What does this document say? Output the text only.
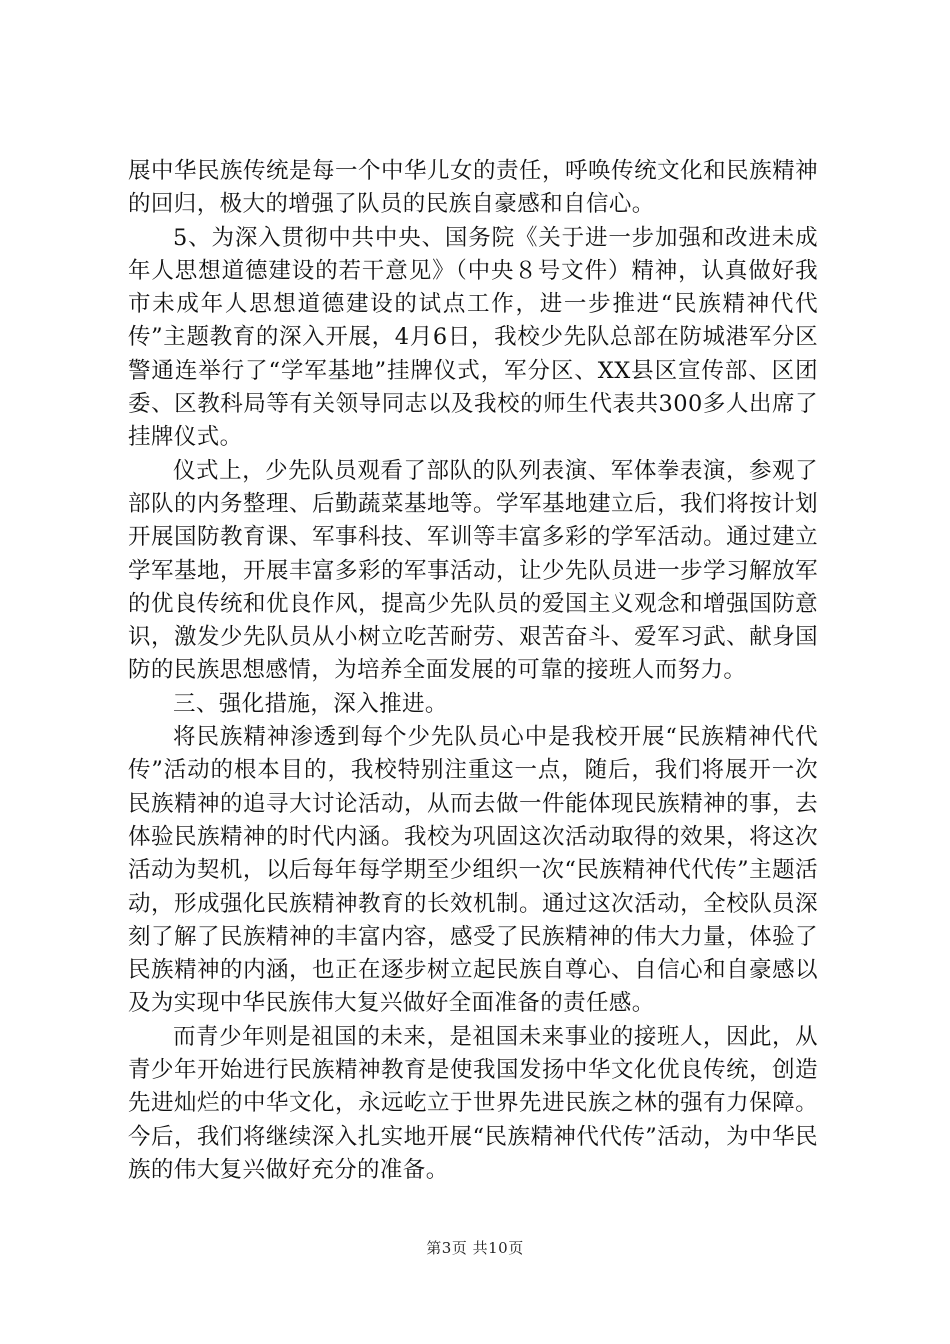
展中华民族传统是每一个中华儿女的责任，呼唤传统文化和民族精神的回归，极大的增强了队员的民族自豪感和自信心。

5、为深入贯彻中共中央、国务院《关于进一步加强和改进未成年人思想道德建设的若干意见》（中央８号文件）精神，认真做好我市未成年人思想道德建设的试点工作，进一步推进“民族精神代代传”主题教育的深入开展，4月6日，我校少先队总部在防城港军分区警通连举行了“学军基地”挂牌仪式，军分区、XX县区宣传部、区团委、区教科局等有关领导同志以及我校的师生代表共300多人出席了挂牌仪式。

仪式上，少先队员观看了部队的队列表演、军体拳表演，参观了部队的内务整理、后勤蔬菜基地等。学军基地建立后，我们将按计划开展国防教育课、军事科技、军训等丰富多彩的学军活动。通过建立学军基地，开展丰富多彩的军事活动，让少先队员进一步学习解放军的优良传统和优良作风，提高少先队员的爱国主义观念和增强国防意识，激发少先队员从小树立吃苦耐劳、艰苦奋斗、爱军习武、献身国防的民族思想感情，为培养全面发展的可靠的接班人而努力。

三、强化措施，深入推进。

将民族精神渗透到每个少先队员心中是我校开展“民族精神代代传”活动的根本目的，我校特别注重这一点，随后，我们将展开一次民族精神的追寻大讨论活动，从而去做一件能体现民族精神的事，去体验民族精神的时代内涵。我校为巩固这次活动取得的效果，将这次活动为契机，以后每年每学期至少组织一次“民族精神代代传”主题活动，形成强化民族精神教育的长效机制。通过这次活动，全校队员深刻了解了民族精神的丰富内容，感受了民族精神的伟大力量，体验了民族精神的内涵，也正在逐步树立起民族自尊心、自信心和自豪感以及为实现中华民族伟大复兴做好全面准备的责任感。

而青少年则是祖国的未来，是祖国未来事业的接班人，因此，从青少年开始进行民族精神教育是使我国发扬中华文化优良传统，创造先进灿烂的中华文化，永远屹立于世界先进民族之林的强有力保障。今后，我们将继续深入扎实地开展“民族精神代代传”活动，为中华民族的伟大复兴做好充分的准备。

第3页 共10页
